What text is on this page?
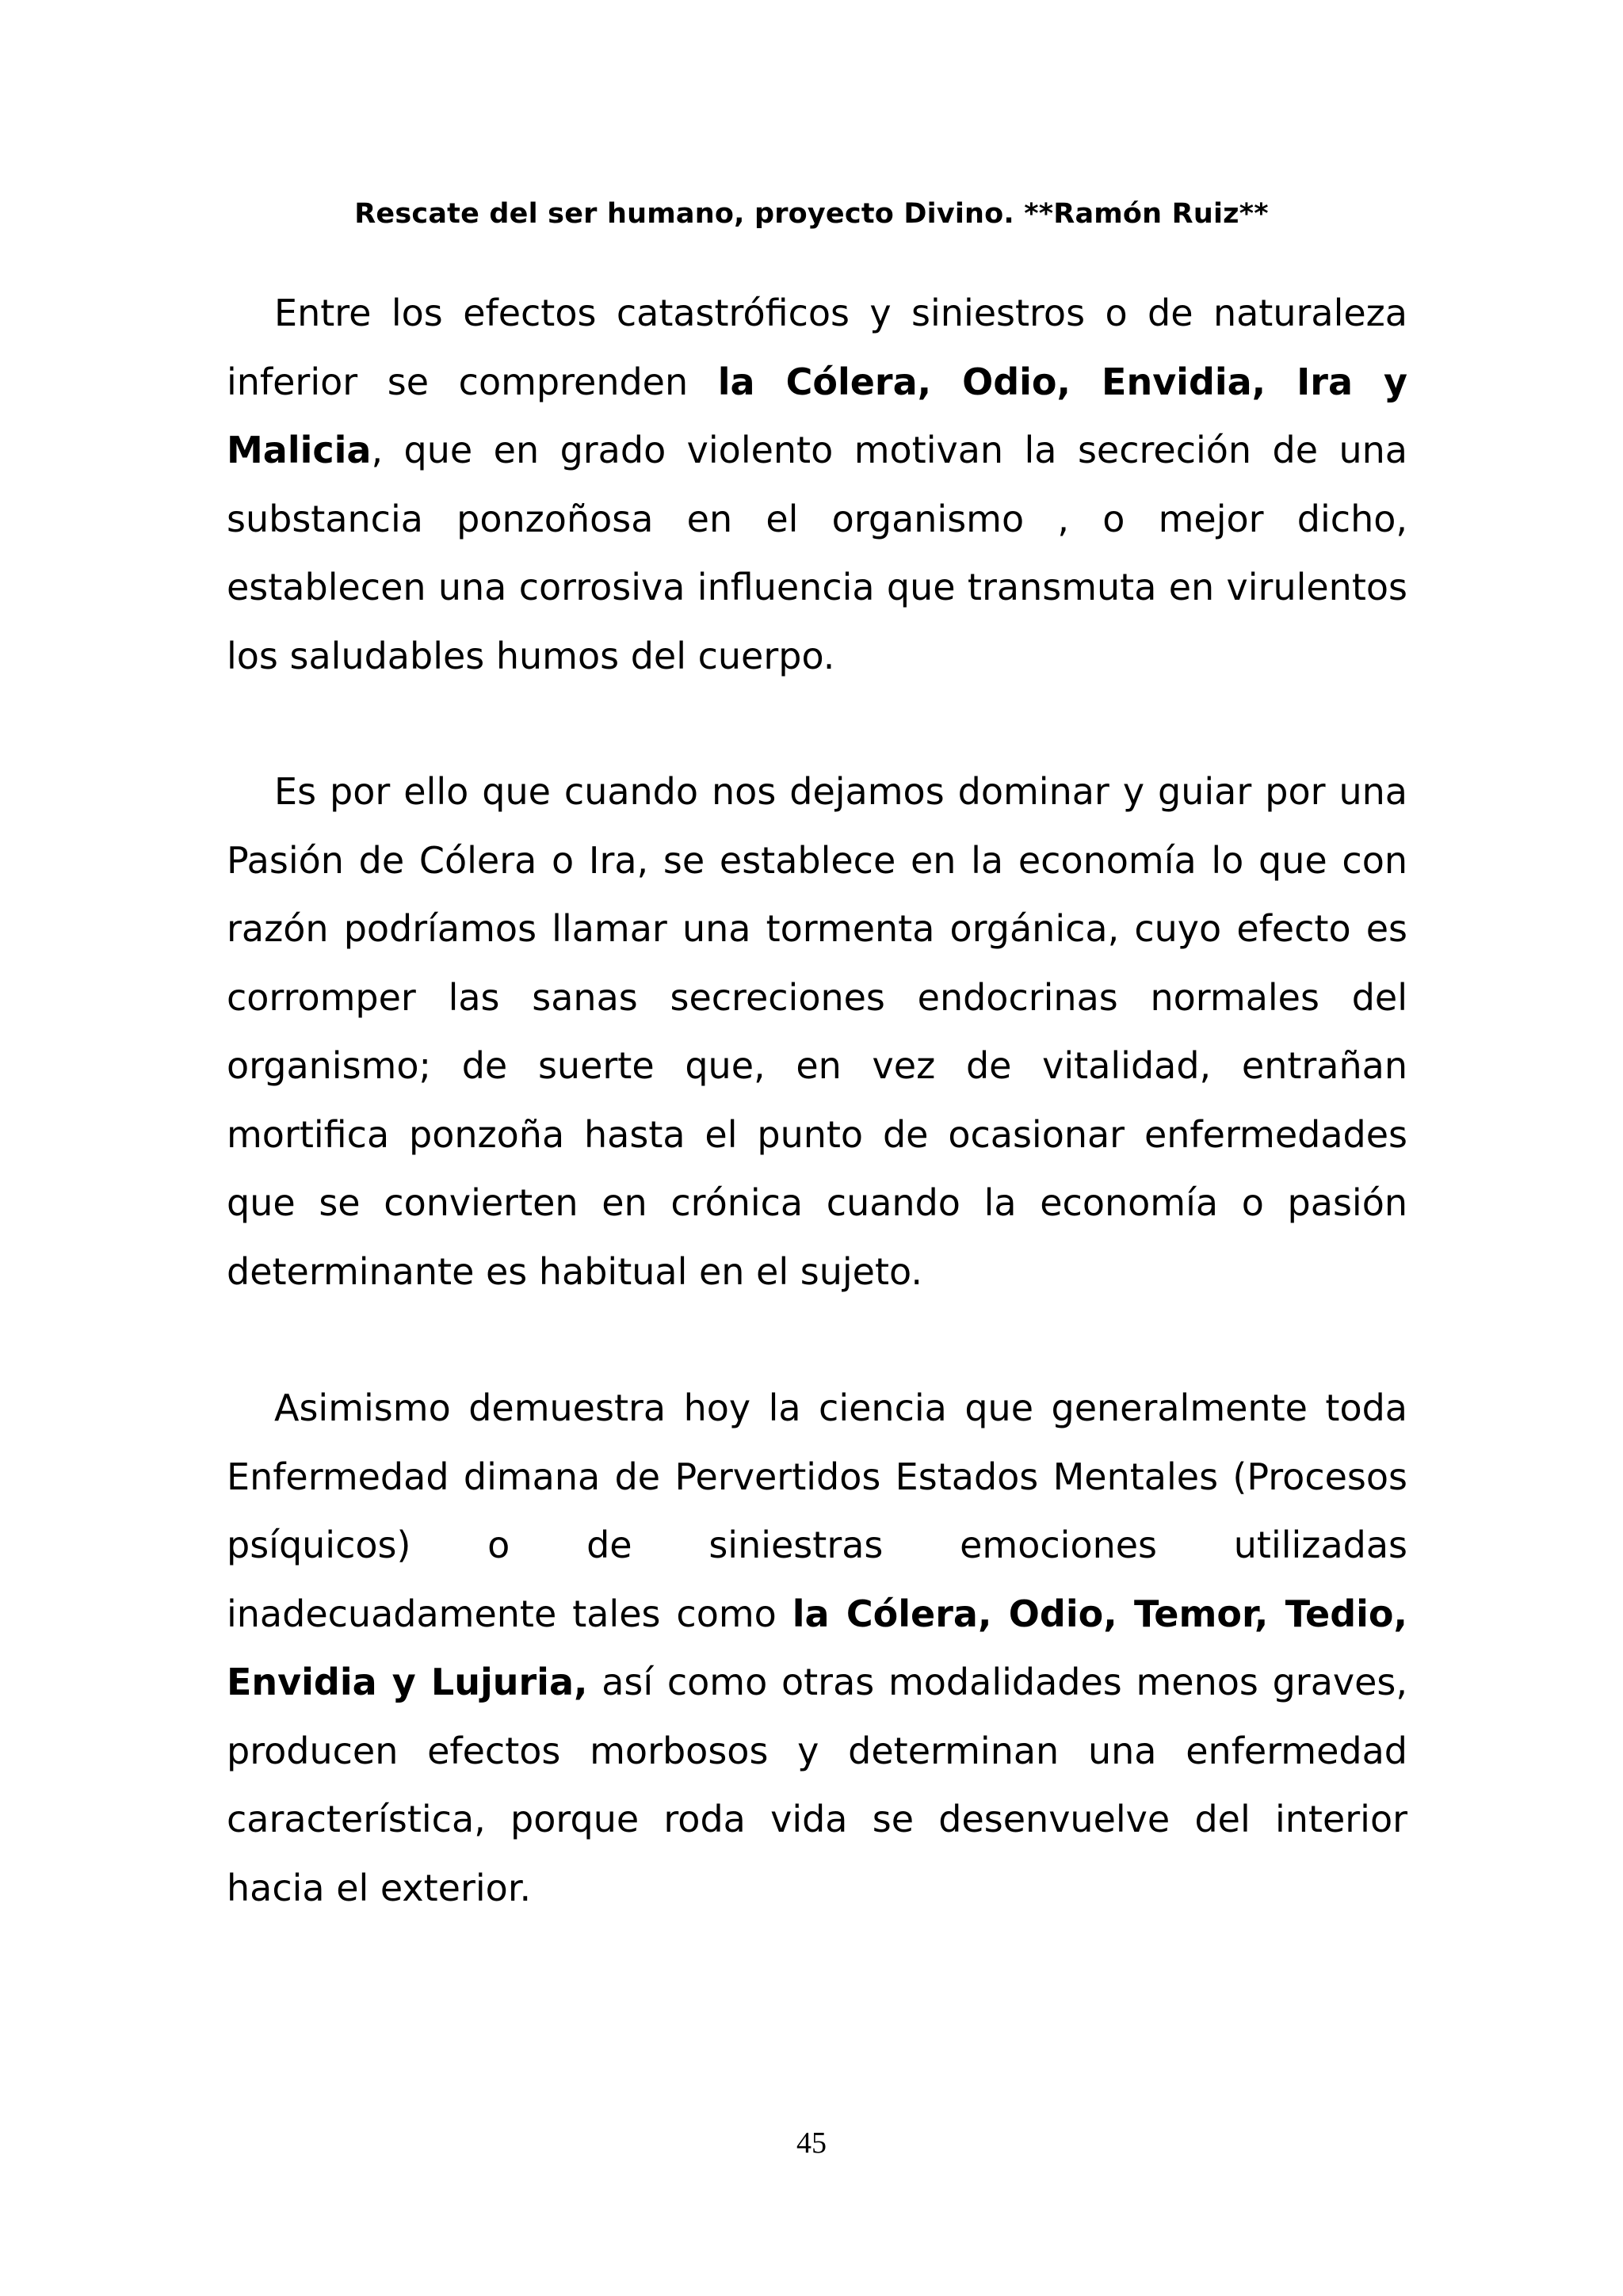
Rescate del ser humano, proyecto Divino. **Ramón Ruiz**

Entre los efectos catastróficos y siniestros o de naturaleza inferior se comprenden la Cólera, Odio, Envidia, Ira y Malicia, que en grado violento motivan la secreción de una substancia ponzoñosa en el organismo , o mejor dicho, establecen una corrosiva influencia que transmuta en virulentos los saludables humos del cuerpo.

Es por ello que cuando nos dejamos dominar y guiar por una Pasión de Cólera o Ira, se establece en la economía lo que con razón podríamos llamar una tormenta orgánica, cuyo efecto es corromper las sanas secreciones endocrinas normales del organismo; de suerte que, en vez de vitalidad, entrañan mortifica ponzoña hasta el punto de ocasionar enfermedades que se convierten en crónica cuando la economía o pasión determinante es habitual en el sujeto.

Asimismo demuestra hoy la ciencia que generalmente toda Enfermedad dimana de Pervertidos Estados Mentales (Procesos psíquicos) o de siniestras emociones utilizadas inadecuadamente tales como la Cólera, Odio, Temor, Tedio, Envidia y Lujuria, así como otras modalidades menos graves, producen efectos morbosos y determinan una enfermedad característica, porque roda vida se desenvuelve del interior hacia el exterior.

45
